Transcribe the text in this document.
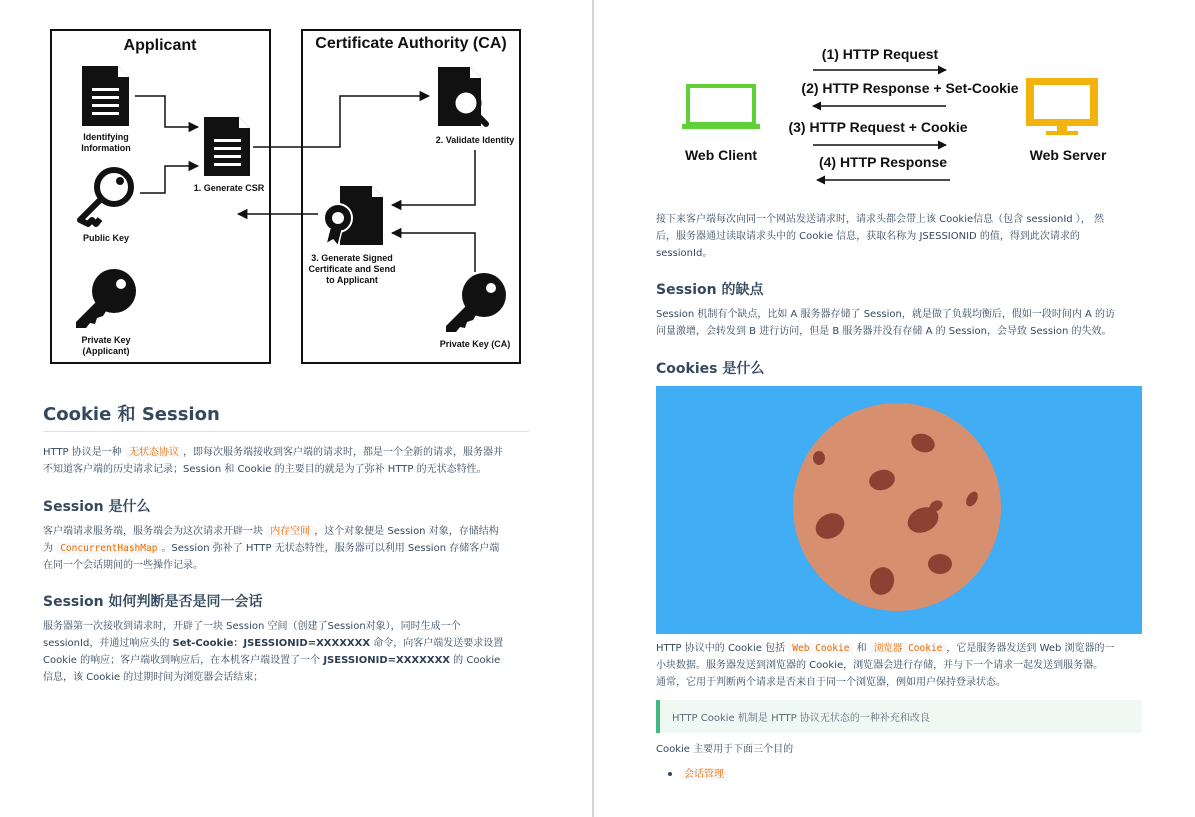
Applicant	Certificate Authority (CA)
Identifying
Information
1. Generate CSR
Public Key
Private Key
(Applicant)
2. Validate Identity
3. Generate Signed
Certificate and Send
to Applicant
Private Key (CA)
Cookie 和 Session
HTTP 协议是一种 无状态协议 ，即每次服务端接收到客户端的请求时，都是一个全新的请求，服务器并
不知道客户端的历史请求记录；Session 和 Cookie 的主要目的就是为了弥补 HTTP 的无状态特性。
Session 是什么
客户端请求服务端，服务端会为这次请求开辟一块 内存空间 ，这个对象便是 Session 对象，存储结构
为 ConcurrentHashMap 。Session 弥补了 HTTP 无状态特性，服务器可以利用 Session 存储客户端
在同一个会话期间的一些操作记录。
Session 如何判断是否是同一会话
服务器第一次接收到请求时，开辟了一块 Session 空间（创建了Session对象），同时生成一个
sessionId，并通过响应头的 Set-Cookie：JSESSIONID=XXXXXXX 命令，向客户端发送要求设置
Cookie 的响应；客户端收到响应后，在本机客户端设置了一个 JSESSIONID=XXXXXXX 的 Cookie
信息，该 Cookie 的过期时间为浏览器会话结束；
Web Client	Web Server
(1) HTTP Request
(2) HTTP Response + Set-Cookie
(3) HTTP Request + Cookie
(4) HTTP Response
接下来客户端每次向同一个网站发送请求时，请求头都会带上该 Cookie信息（包含 sessionId ）， 然
后，服务器通过读取请求头中的 Cookie 信息，获取名称为 JSESSIONID 的值，得到此次请求的
sessionId。
Session 的缺点
Session 机制有个缺点，比如 A 服务器存储了 Session，就是做了负载均衡后，假如一段时间内 A 的访
问量激增，会转发到 B 进行访问，但是 B 服务器并没有存储 A 的 Session，会导致 Session 的失效。
Cookies 是什么
HTTP 协议中的 Cookie 包括 Web Cookie 和 浏览器 Cookie ，它是服务器发送到 Web 浏览器的一
小块数据。服务器发送到浏览器的 Cookie，浏览器会进行存储，并与下一个请求一起发送到服务器。
通常，它用于判断两个请求是否来自于同一个浏览器，例如用户保持登录状态。
HTTP Cookie 机制是 HTTP 协议无状态的一种补充和改良
Cookie 主要用于下面三个目的
会话管理
